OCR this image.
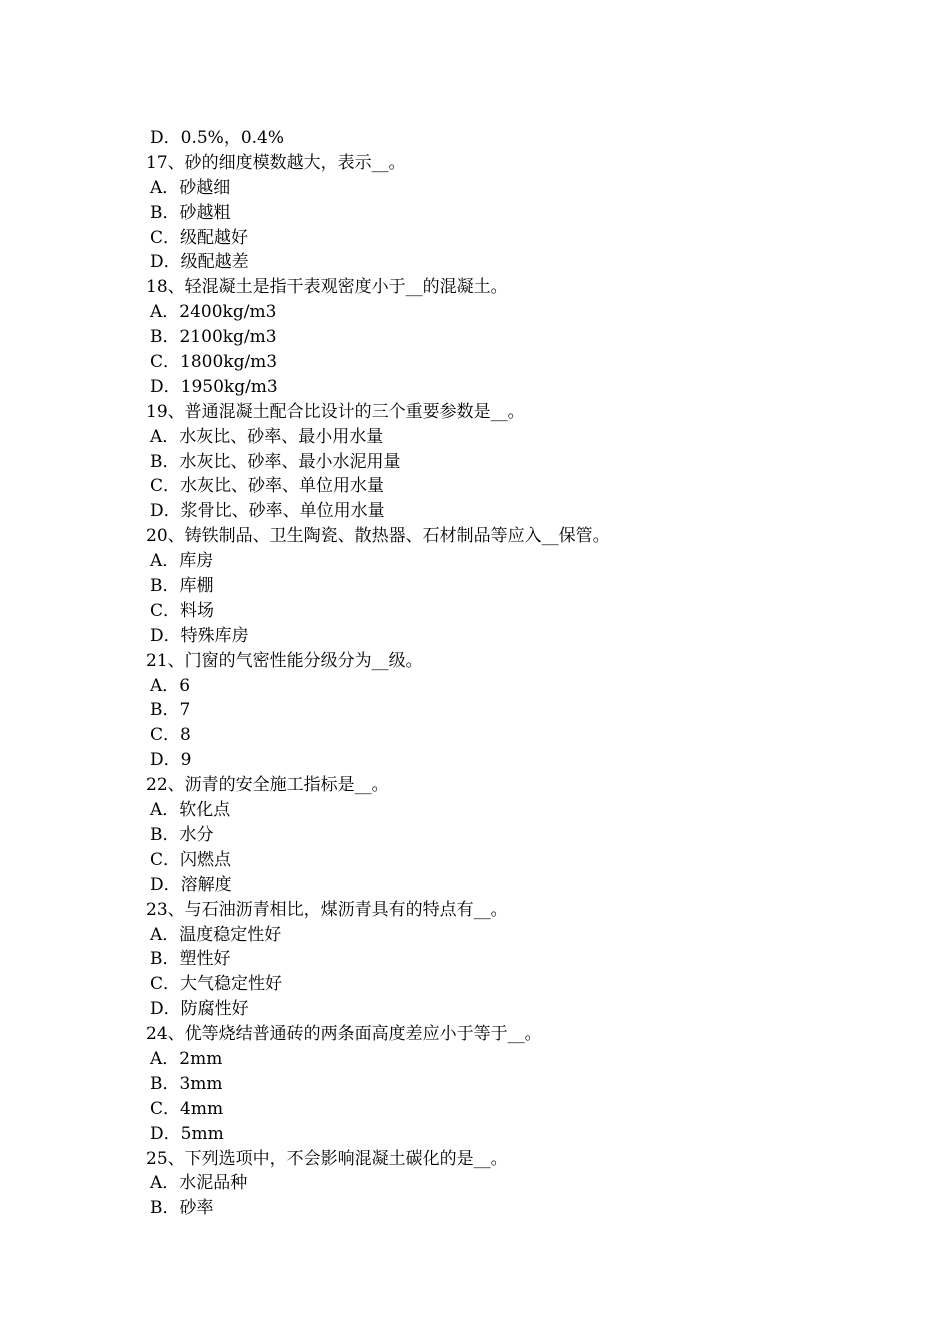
D．0.5%，0.4%
17、砂的细度模数越大，表示__。
A．砂越细
B．砂越粗
C．级配越好
D．级配越差
18、轻混凝土是指干表观密度小于__的混凝土。
A．2400kg/m3
B．2100kg/m3
C．1800kg/m3
D．1950kg/m3
19、普通混凝土配合比设计的三个重要参数是__。
A．水灰比、砂率、最小用水量
B．水灰比、砂率、最小水泥用量
C．水灰比、砂率、单位用水量
D．浆骨比、砂率、单位用水量
20、铸铁制品、卫生陶瓷、散热器、石材制品等应入__保管。
A．库房
B．库棚
C．料场
D．特殊库房
21、门窗的气密性能分级分为__级。
A．6
B．7
C．8
D．9
22、沥青的安全施工指标是__。
A．软化点
B．水分
C．闪燃点
D．溶解度
23、与石油沥青相比，煤沥青具有的特点有__。
A．温度稳定性好
B．塑性好
C．大气稳定性好
D．防腐性好
24、优等烧结普通砖的两条面高度差应小于等于__。
A．2mm
B．3mm
C．4mm
D．5mm
25、下列选项中，不会影响混凝土碳化的是__。
A．水泥品种
B．砂率
